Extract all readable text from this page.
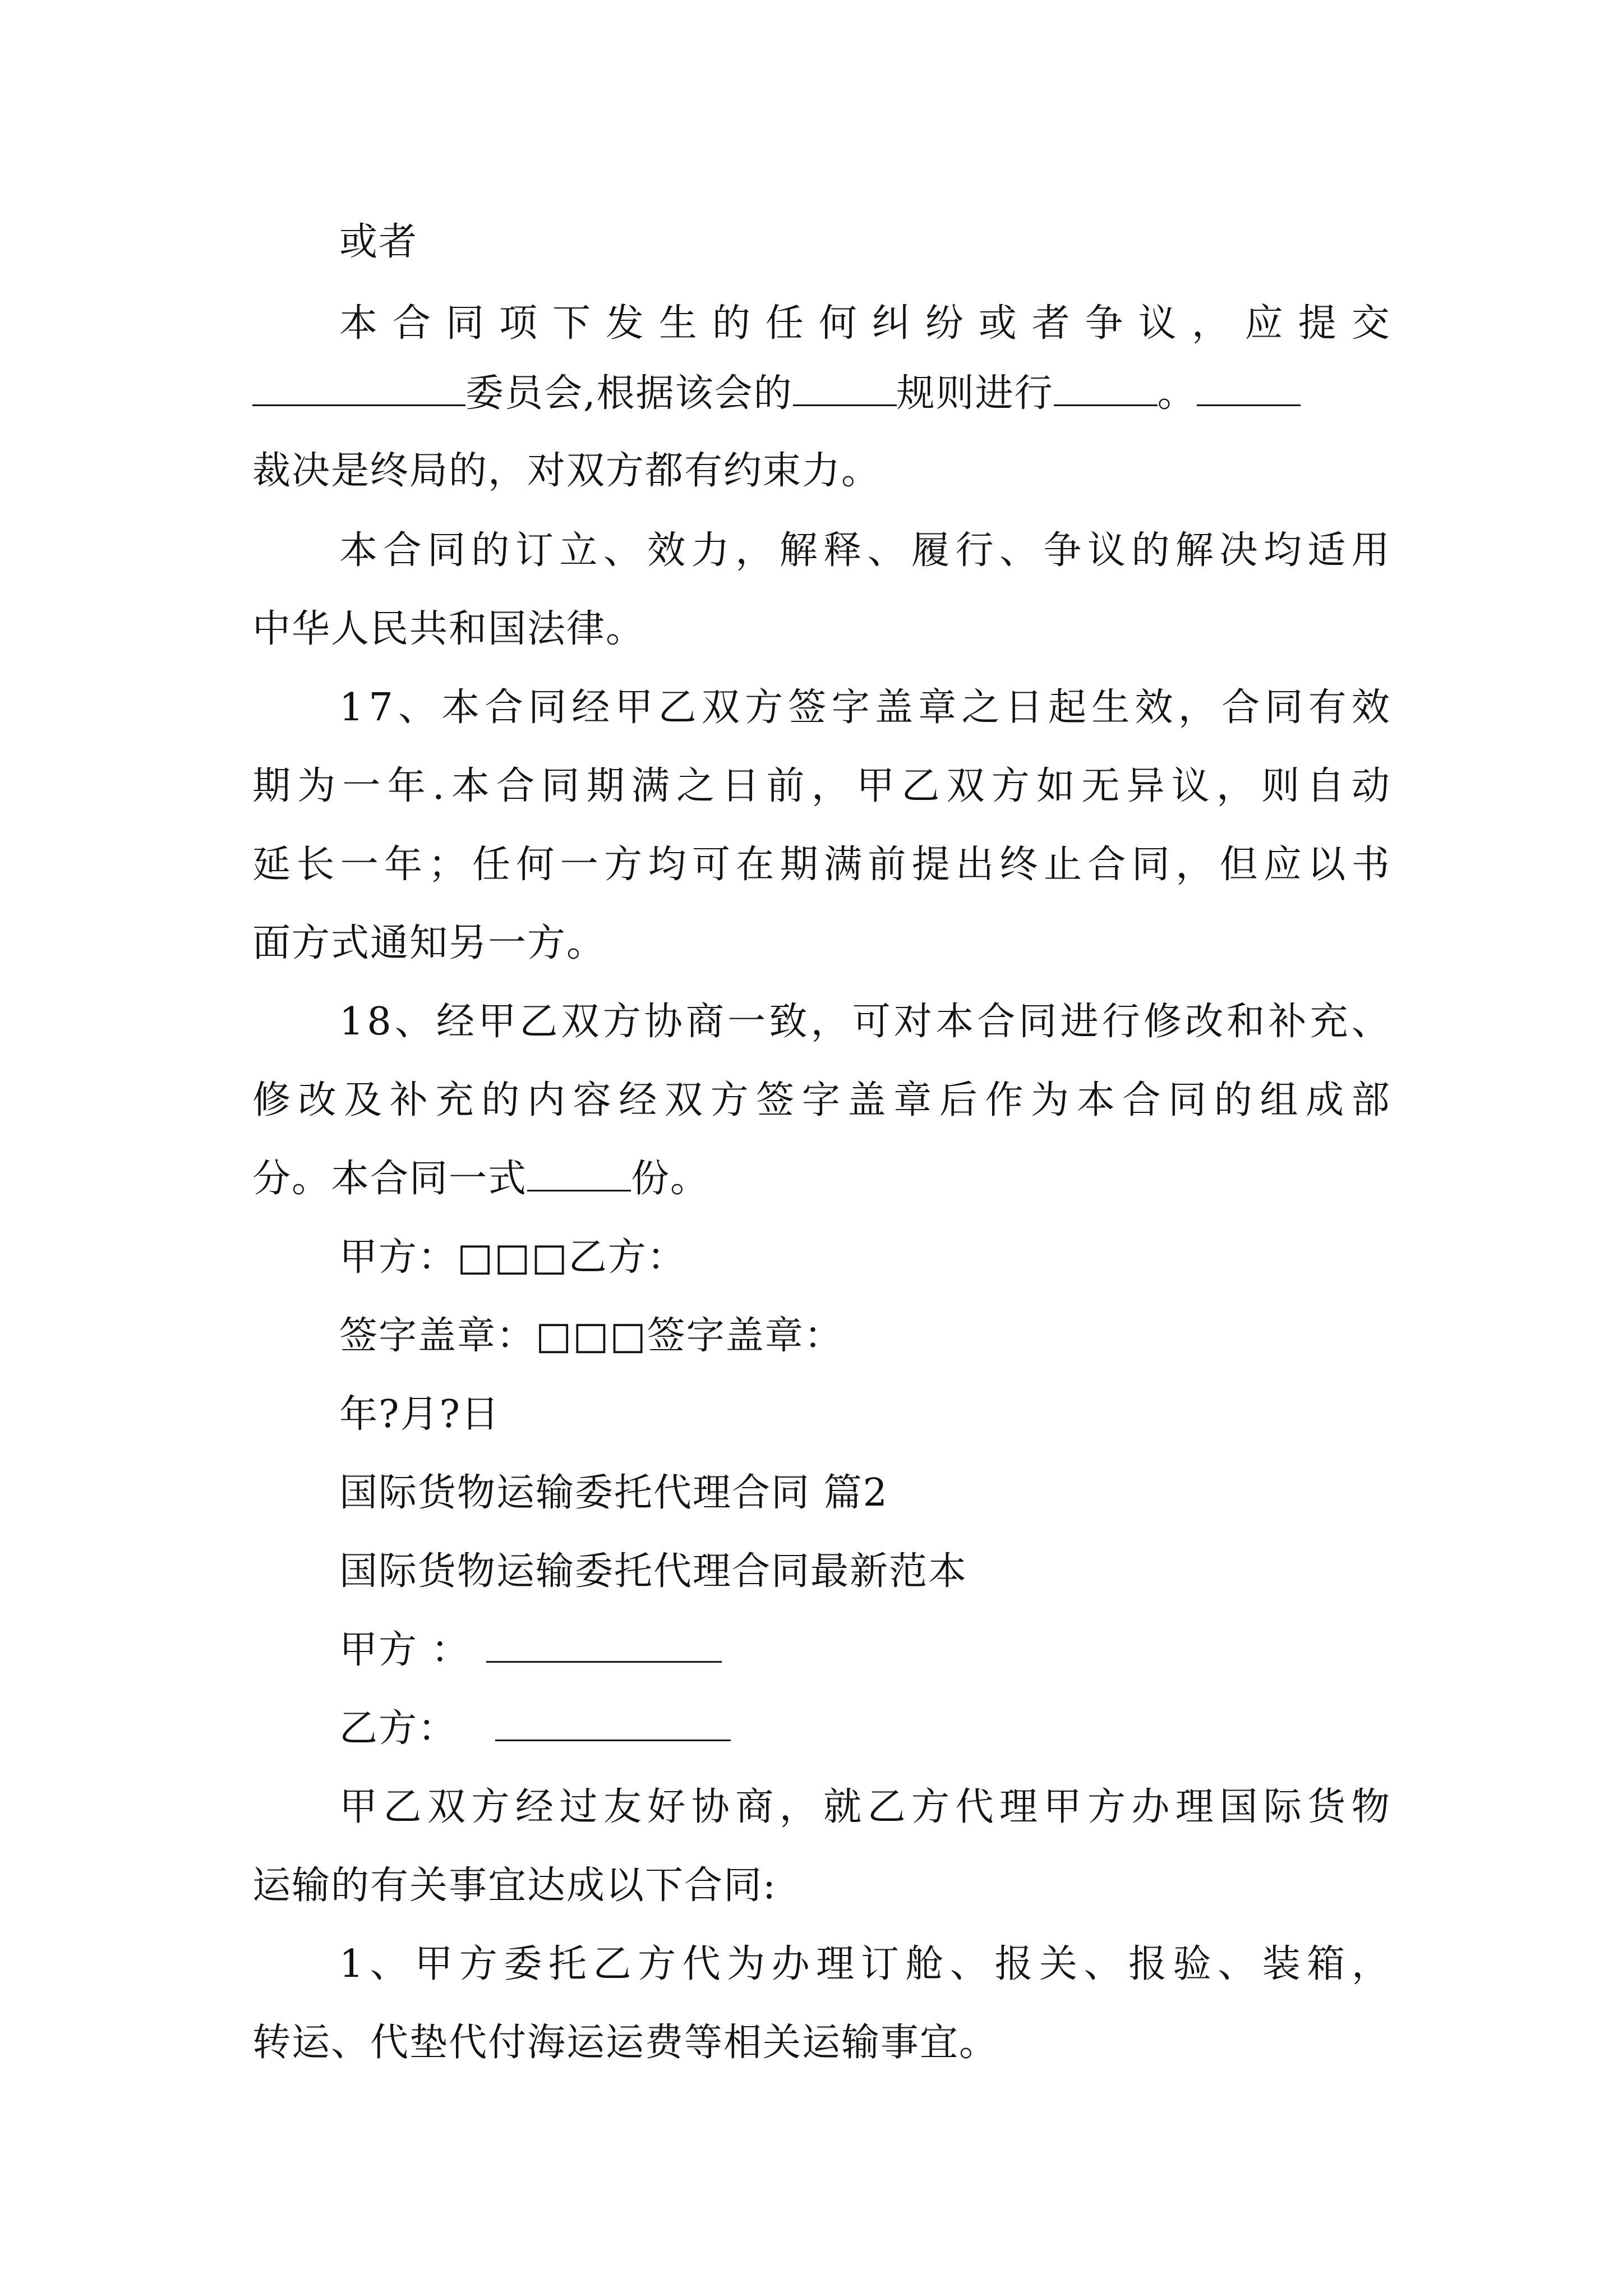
或者
本 合 同 项 下 发 生 的 任 何 纠 纷 或 者 争 议 ， 应 提 交
委员会,根据该会的	规则进行	。
裁决是终局的，对双方都有约束力。
本 合 同 的 订 立 、 效 力 ， 解 释 、 履 行 、 争 议 的 解 决 均 适 用
中华人民共和国法律。
1 7 、 本 合 同 经 甲 乙 双 方 签 字 盖 章 之 日 起 生 效 ， 合 同 有 效
期 为 一 年 . 本 合 同 期 满 之 日 前 ， 甲 乙 双 方 如 无 异 议 ， 则 自 动
延 长 一 年 ； 任 何 一 方 均 可 在 期 满 前 提 出 终 止 合 同 ， 但 应 以 书
面方式通知另一方。
1 8 、 经 甲 乙 双 方 协 商 一 致 ， 可 对 本 合 同 进 行 修 改 和 补 充 、
修 改 及 补 充 的 内 容 经 双 方 签 字 盖 章 后 作 为 本 合 同 的 组 成 部
分。本合同一式	份。
甲方：□□□乙方：
签字盖章：□□□签字盖章：
年?月?日
国际货物运输委托代理合同 篇2
国际货物运输委托代理合同最新范本
甲方 ：
乙方：
甲 乙 双 方 经 过 友 好 协 商 ， 就 乙 方 代 理 甲 方 办 理 国 际 货 物
运输的有关事宜达成以下合同:
1 、 甲 方 委 托 乙 方 代 为 办 理 订 舱 、 报 关 、 报 验 、 装 箱 ，
转运、代垫代付海运运费等相关运输事宜。
